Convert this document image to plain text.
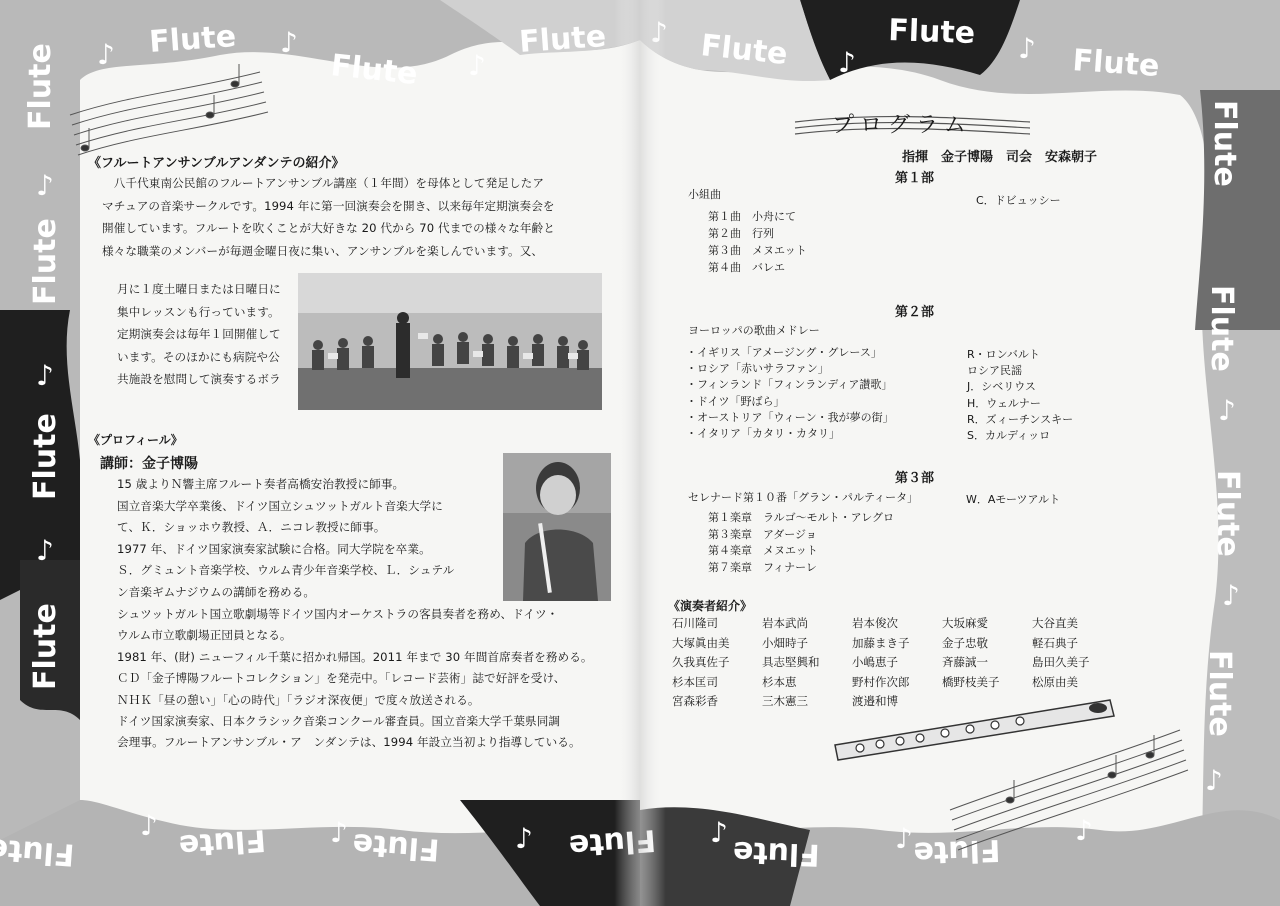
《フルートアンサンブルアンダンテの紹介》
　八千代東南公民館のフルートアンサンブル講座（１年間）を母体として発足したア
マチュアの音楽サークルです。1994 年に第一回演奏会を開き、以来毎年定期演奏会を
開催しています。フルートを吹くことが大好きな 20 代から 70 代までの様々な年齢と
様々な職業のメンバーが毎週金曜日夜に集い、アンサンブルを楽しんでいます。又、
月に１度土曜日または日曜日に
集中レッスンも行っています。
定期演奏会は毎年１回開催して
います。そのほかにも病院や公
共施設を慰問して演奏するボラ
《プロフィール》
講師：金子博陽
15 歳よりＮ響主席フルート奏者高橋安治教授に師事。
国立音楽大学卒業後、ドイツ国立シュツットガルト音楽大学に
て、Ｋ．ショッホウ教授、Ａ．ニコレ教授に師事。
1977 年、ドイツ国家演奏家試験に合格。同大学院を卒業。
Ｓ．グミュント音楽学校、ウルム青少年音楽学校、Ｌ．シュテル
ン音楽ギムナジウムの講師を務める。
シュツットガルト国立歌劇場等ドイツ国内オーケストラの客員奏者を務め、ドイツ・
ウルム市立歌劇場正団員となる。
1981 年、(財) ニューフィル千葉に招かれ帰国。2011 年まで 30 年間首席奏者を務める。
ＣＤ「金子博陽フルートコレクション」を発売中。「レコード芸術」誌で好評を受け、
ＮＨＫ「昼の憩い」「心の時代」「ラジオ深夜便」で度々放送される。
ドイツ国家演奏家、日本クラシック音楽コンクール審査員。国立音楽大学千葉県同調
会理事。フルートアンサンブル・ア　ンダンテは、1994 年設立当初より指導している。
プログラム
指揮　金子博陽　司会　安森朝子
第１部
小組曲	C．ドビュッシー
第１曲　小舟にて
第２曲　行列
第３曲　メヌエット
第４曲　バレエ
第２部
ヨーロッパの歌曲メドレー
・イギリス「アメージング・グレース」
・ロシア「赤いサラファン」
・フィンランド「フィンランディア讃歌」
・ドイツ「野ばら」
・オーストリア「ウィーン・我が夢の街」
・イタリア「カタリ・カタリ」
R・ロンバルト
ロシア民謡
J．シベリウス
H．ウェルナー
R．ズィーチンスキー
S．カルディッロ
第３部
セレナード第１０番「グラン・パルティータ」	W．Aモーツアルト
第１楽章　ラルゴ～モルト・アレグロ
第３楽章　アダージョ
第４楽章　メヌエット
第７楽章　フィナーレ
《演奏者紹介》
石川隆司
大塚眞由美
久我真佐子
杉本匡司
宮森彩香
岩本武尚
小畑時子
具志堅興和
杉本恵
三木憲三
岩本俊次
加藤まき子
小嶋恵子
野村作次郎
渡邉和博
大坂麻愛
金子忠敬
斉藤誠一
橋野枝美子
大谷直美
軽石典子
島田久美子
松原由美
